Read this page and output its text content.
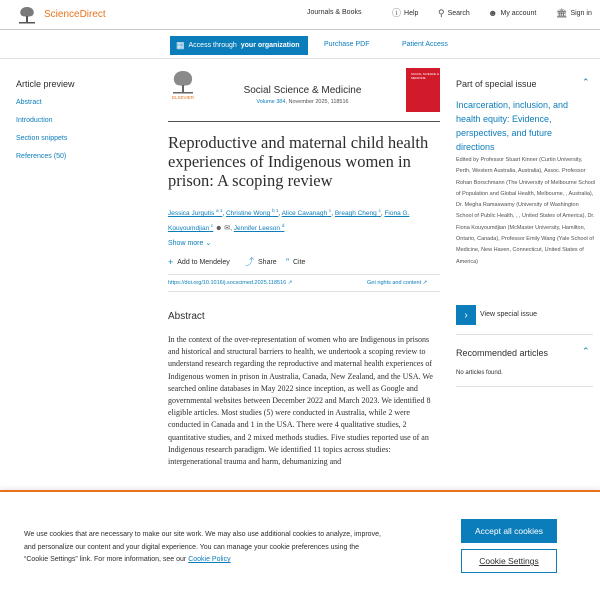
ScienceDirect	Journals & Books	ⓘ Help ⚲ Search ☻ My account 🏛 Sign in
▦ Access through your organization	Purchase PDF	Patient Access
Article preview
Abstract
Introduction
Section snippets
References (50)
ELSEVIER
Social Science & Medicine
Volume 384, November 2025, 118516
SOCIAL SCIENCE & MEDICINE
Reproductive and maternal child health experiences of Indigenous women in prison: A scoping review
Jessica Jurgutis $^{a 1}$, Christine Wong $^{b 1}$, Alice Cavanagh $^c$, Breagh Cheng $^c$, Fiona G. Kouyoumdjian $^c$ ☻ ✉, Jennifer Leeson $^d$
Show more ⌄
+ Add to Mendeley ⤴ Share ” Cite
https://doi.org/10.1016/j.socscimed.2025.118516 ↗	Get rights and content ↗
Abstract

In the context of the over-representation of women who are Indigenous in prisons and historical and structural barriers to health, we undertook a scoping review to understand research regarding the reproductive and maternal health experiences of Indigenous women in prison in Australia, Canada, New Zealand, and the USA. We searched online databases in May 2022 since inception, as well as Google and governmental websites between December 2022 and March 2023. We identified 8 eligible articles. Most studies (5) were conducted in Australia, while 2 were conducted in Canada and 1 in the USA. There were 4 qualitative studies, 2 quantitative studies, and 2 mixed methods studies. Five studies reported use of an Indigenous research paradigm. We identified 11 topics across studies: intergenerational trauma and harm, dehumanizing and

Part of special issue	⌃
Incarceration, inclusion, and health equity: Evidence, perspectives, and future directions
Edited by Professor Stuart Kinner (Curtin University, Perth, Western Australia, Australia), Assoc. Professor Rohan Borschmann (The University of Melbourne School of Population and Global Health, Melbourne, , Australia), Dr. Megha Ramaswamy (University of Washington School of Public Health, , , United States of America), Dr. Fiona Kouyoumdjian (McMaster University, Hamilton, Ontario, Canada), Professor Emily Wang (Yale School of Medicine, New Haven, Connecticut, United States of America)
› View special issue
Recommended articles	⌃
No articles found.
We use cookies that are necessary to make our site work. We may also use additional cookies to analyze, improve, and personalize our content and your digital experience. You can manage your cookie preferences using the “Cookie Settings” link. For more information, see our Cookie Policy
Accept all cookies
Cookie Settings
